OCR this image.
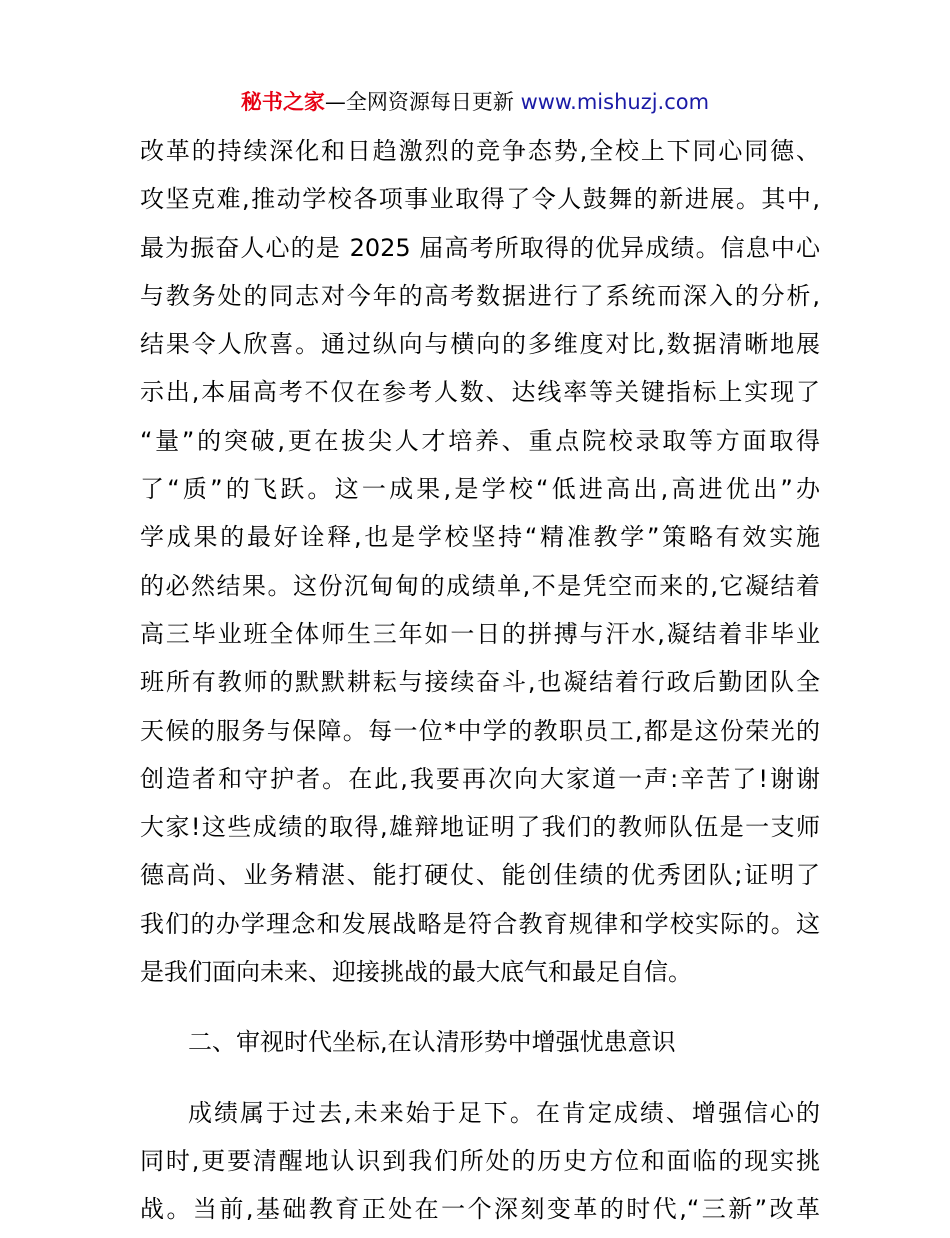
秘书之家—全网资源每日更新 www.mishuzj.com
改革的持续深化和日趋激烈的竞争态势,全校上下同心同德、
攻坚克难,推动学校各项事业取得了令人鼓舞的新进展。其中,
最为振奋人心的是 2025 届高考所取得的优异成绩。信息中心
与教务处的同志对今年的高考数据进行了系统而深入的分析,
结果令人欣喜。通过纵向与横向的多维度对比,数据清晰地展
示出,本届高考不仅在参考人数、达线率等关键指标上实现了
“量”的突破,更在拔尖人才培养、重点院校录取等方面取得
了“质”的飞跃。这一成果,是学校“低进高出,高进优出”办
学成果的最好诠释,也是学校坚持“精准教学”策略有效实施
的必然结果。这份沉甸甸的成绩单,不是凭空而来的,它凝结着
高三毕业班全体师生三年如一日的拼搏与汗水,凝结着非毕业
班所有教师的默默耕耘与接续奋斗,也凝结着行政后勤团队全
天候的服务与保障。每一位*中学的教职员工,都是这份荣光的
创造者和守护者。在此,我要再次向大家道一声:辛苦了!谢谢
大家!这些成绩的取得,雄辩地证明了我们的教师队伍是一支师
德高尚、业务精湛、能打硬仗、能创佳绩的优秀团队;证明了
我们的办学理念和发展战略是符合教育规律和学校实际的。这
是我们面向未来、迎接挑战的最大底气和最足自信。
二、审视时代坐标,在认清形势中增强忧患意识
成绩属于过去,未来始于足下。在肯定成绩、增强信心的
同时,更要清醒地认识到我们所处的历史方位和面临的现实挑
战。当前,基础教育正处在一个深刻变革的时代,“三新”改革
